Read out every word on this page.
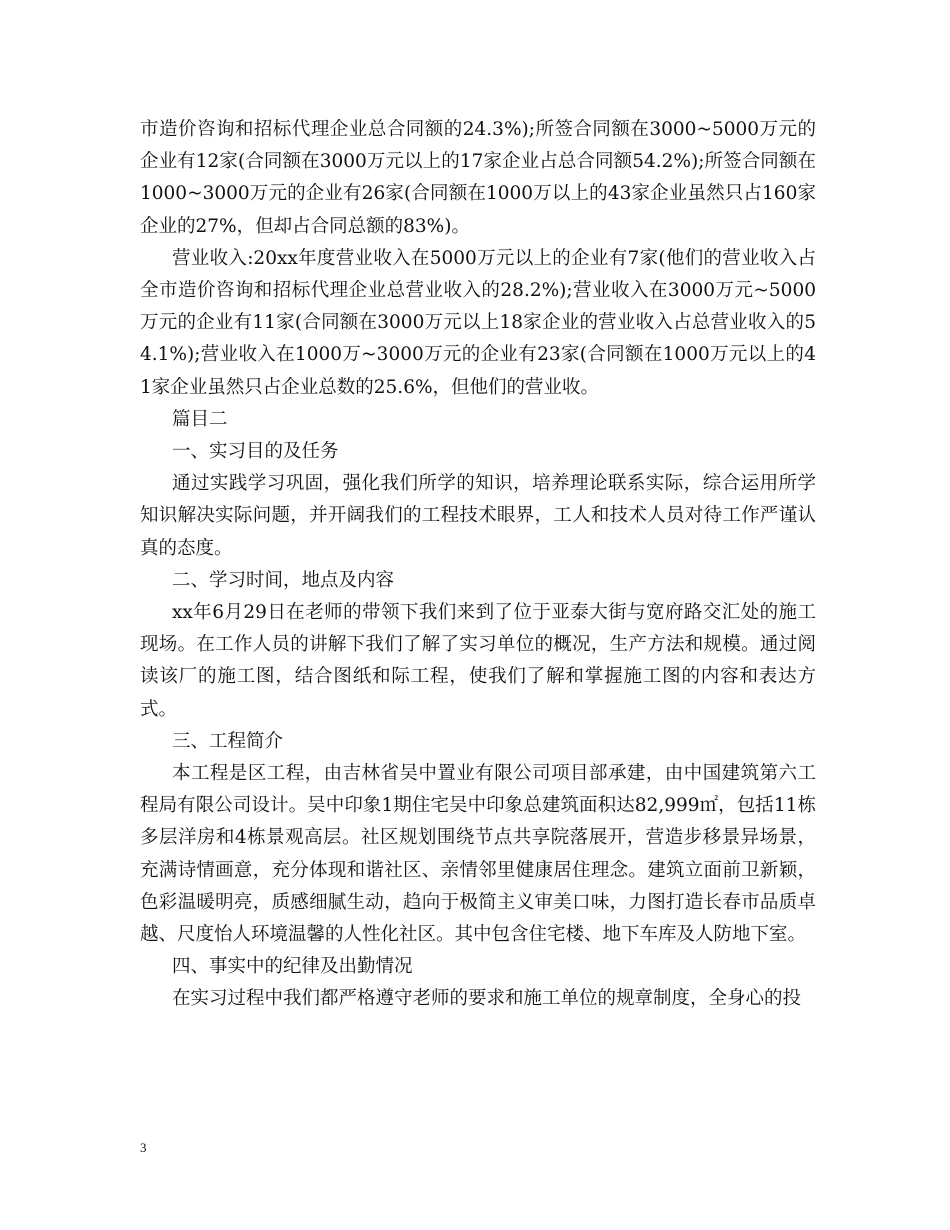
市造价咨询和招标代理企业总合同额的24.3%);所签合同额在3000~5000万元的企业有12家(合同额在3000万元以上的17家企业占总合同额54.2%);所签合同额在1000~3000万元的企业有26家(合同额在1000万以上的43家企业虽然只占160家企业的27%，但却占合同总额的83%)。

营业收入:20xx年度营业收入在5000万元以上的企业有7家(他们的营业收入占全市造价咨询和招标代理企业总营业收入的28.2%);营业收入在3000万元~5000万元的企业有11家(合同额在3000万元以上18家企业的营业收入占总营业收入的54.1%);营业收入在1000万~3000万元的企业有23家(合同额在1000万元以上的41家企业虽然只占企业总数的25.6%，但他们的营业收。

篇目二

一、实习目的及任务

通过实践学习巩固，强化我们所学的知识，培养理论联系实际，综合运用所学知识解决实际问题，并开阔我们的工程技术眼界，工人和技术人员对待工作严谨认真的态度。

二、学习时间，地点及内容

xx年6月29日在老师的带领下我们来到了位于亚泰大街与宽府路交汇处的施工现场。在工作人员的讲解下我们了解了实习单位的概况，生产方法和规模。通过阅读该厂的施工图，结合图纸和际工程，使我们了解和掌握施工图的内容和表达方式。

三、工程简介

本工程是区工程，由吉林省吴中置业有限公司项目部承建，由中国建筑第六工程局有限公司设计。吴中印象1期住宅吴中印象总建筑面积达82,999㎡，包括11栋多层洋房和4栋景观高层。社区规划围绕节点共享院落展开，营造步移景异场景，充满诗情画意，充分体现和谐社区、亲情邻里健康居住理念。建筑立面前卫新颖，色彩温暖明亮，质感细腻生动，趋向于极简主义审美口味，力图打造长春市品质卓越、尺度怡人环境温馨的人性化社区。其中包含住宅楼、地下车库及人防地下室。

四、事实中的纪律及出勤情况

在实习过程中我们都严格遵守老师的要求和施工单位的规章制度，全身心的投

3
